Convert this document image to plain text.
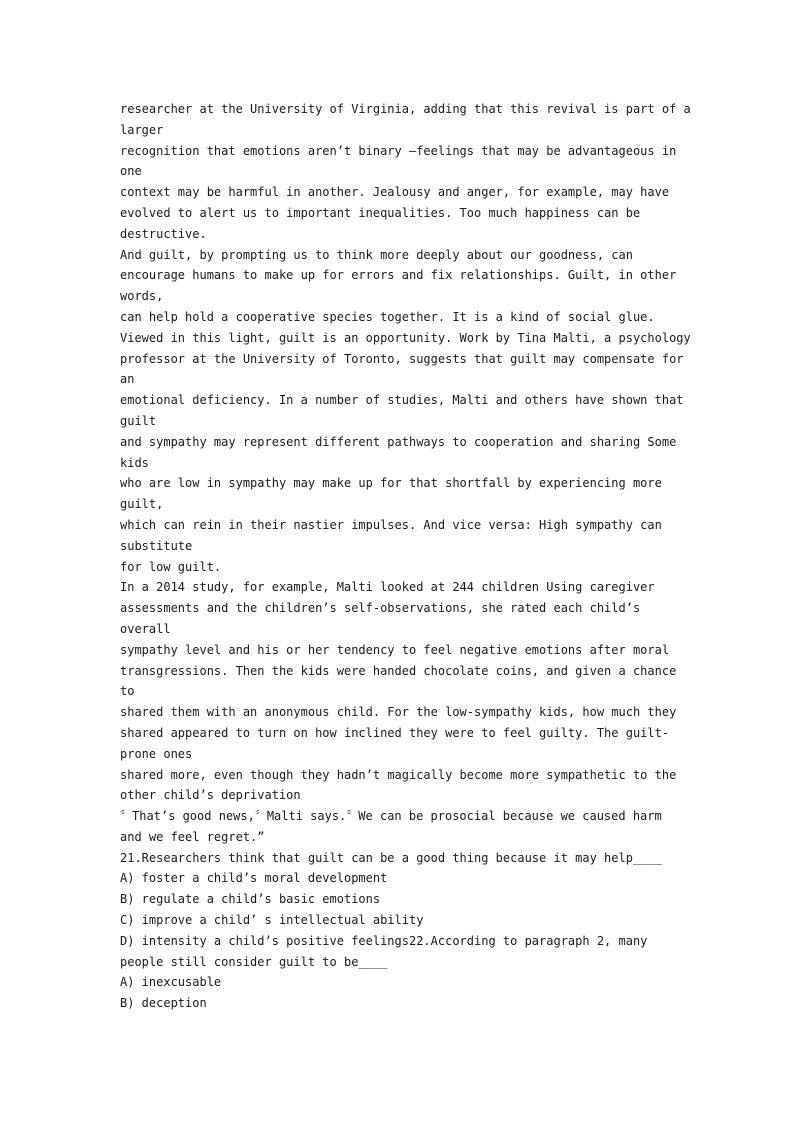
researcher at the University of Virginia, adding that this revival is part of a
larger
recognition that emotions aren’t binary —feelings that may be advantageous in
one
context may be harmful in another. Jealousy and anger, for example, may have
evolved to alert us to important inequalities. Too much happiness can be
destructive.
And guilt, by prompting us to think more deeply about our goodness, can
encourage humans to make up for errors and fix relationships. Guilt, in other
words,
can help hold a cooperative species together. It is a kind of social glue.
Viewed in this light, guilt is an opportunity. Work by Tina Malti, a psychology
professor at the University of Toronto, suggests that guilt may compensate for
an
emotional deficiency. In a number of studies, Malti and others have shown that
guilt
and sympathy may represent different pathways to cooperation and sharing Some
kids
who are low in sympathy may make up for that shortfall by experiencing more
guilt,
which can rein in their nastier impulses. And vice versa: High sympathy can
substitute
for low guilt.
In a 2014 study, for example, Malti looked at 244 children Using caregiver
assessments and the children’s self-observations, she rated each child’s
overall
sympathy level and his or her tendency to feel negative emotions after moral
transgressions. Then the kids were handed chocolate coins, and given a chance
to
shared them with an anonymous child. For the low-sympathy kids, how much they
shared appeared to turn on how inclined they were to feel guilty. The guilt-
prone ones
shared more, even though they hadn’t magically become more sympathetic to the
other child’s deprivation
〞That’s good news,〞Malti says.〞We can be prosocial because we caused harm
and we feel regret.”
21.Researchers think that guilt can be a good thing because it may help____
A) foster a child’s moral development
B) regulate a child’s basic emotions
C) improve a child’ s intellectual ability
D) intensity a child’s positive feelings22.According to paragraph 2, many
people still consider guilt to be____
A) inexcusable
B) deception
